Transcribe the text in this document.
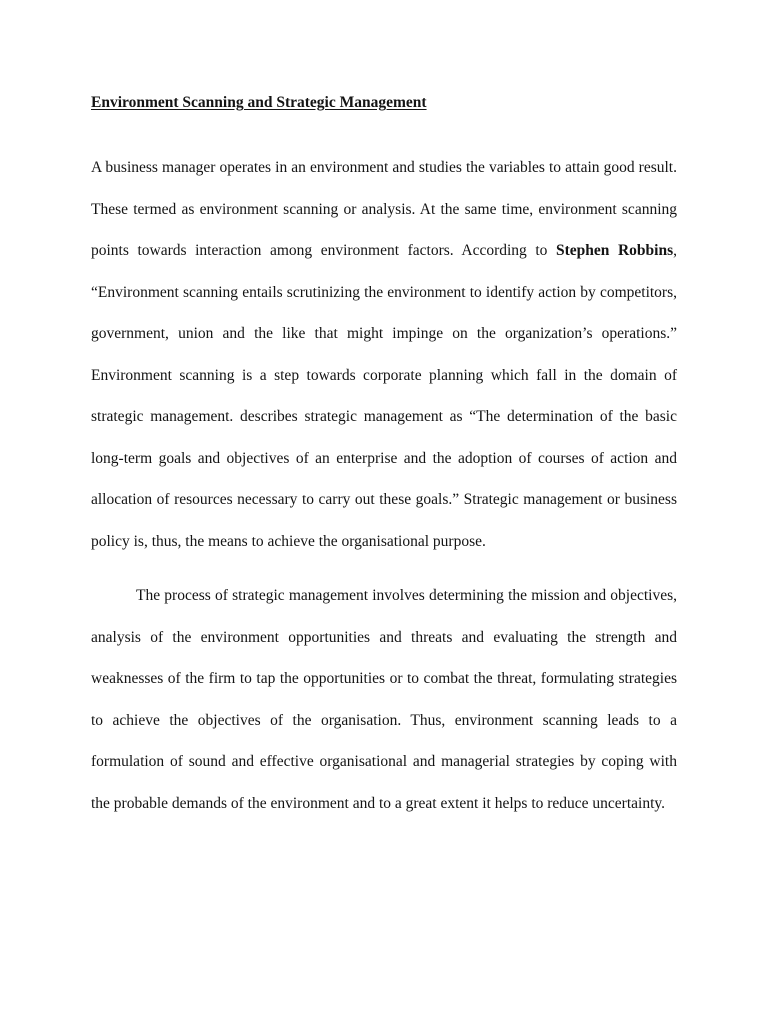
Environment Scanning and Strategic Management

A business manager operates in an environment and studies the variables to attain good result. These termed as environment scanning or analysis. At the same time, environment scanning points towards interaction among environment factors. According to Stephen Robbins, “Environment scanning entails scrutinizing the environment to identify action by competitors, government, union and the like that might impinge on the organization’s operations.” Environment scanning is a step towards corporate planning which fall in the domain of strategic management. describes strategic management as “The determination of the basic long-term goals and objectives of an enterprise and the adoption of courses of action and allocation of resources necessary to carry out these goals.” Strategic management or business policy is, thus, the means to achieve the organisational purpose.

The process of strategic management involves determining the mission and objectives, analysis of the environment opportunities and threats and evaluating the strength and weaknesses of the firm to tap the opportunities or to combat the threat, formulating strategies to achieve the objectives of the organisation. Thus, environment scanning leads to a formulation of sound and effective organisational and managerial strategies by coping with the probable demands of the environment and to a great extent it helps to reduce uncertainty.
